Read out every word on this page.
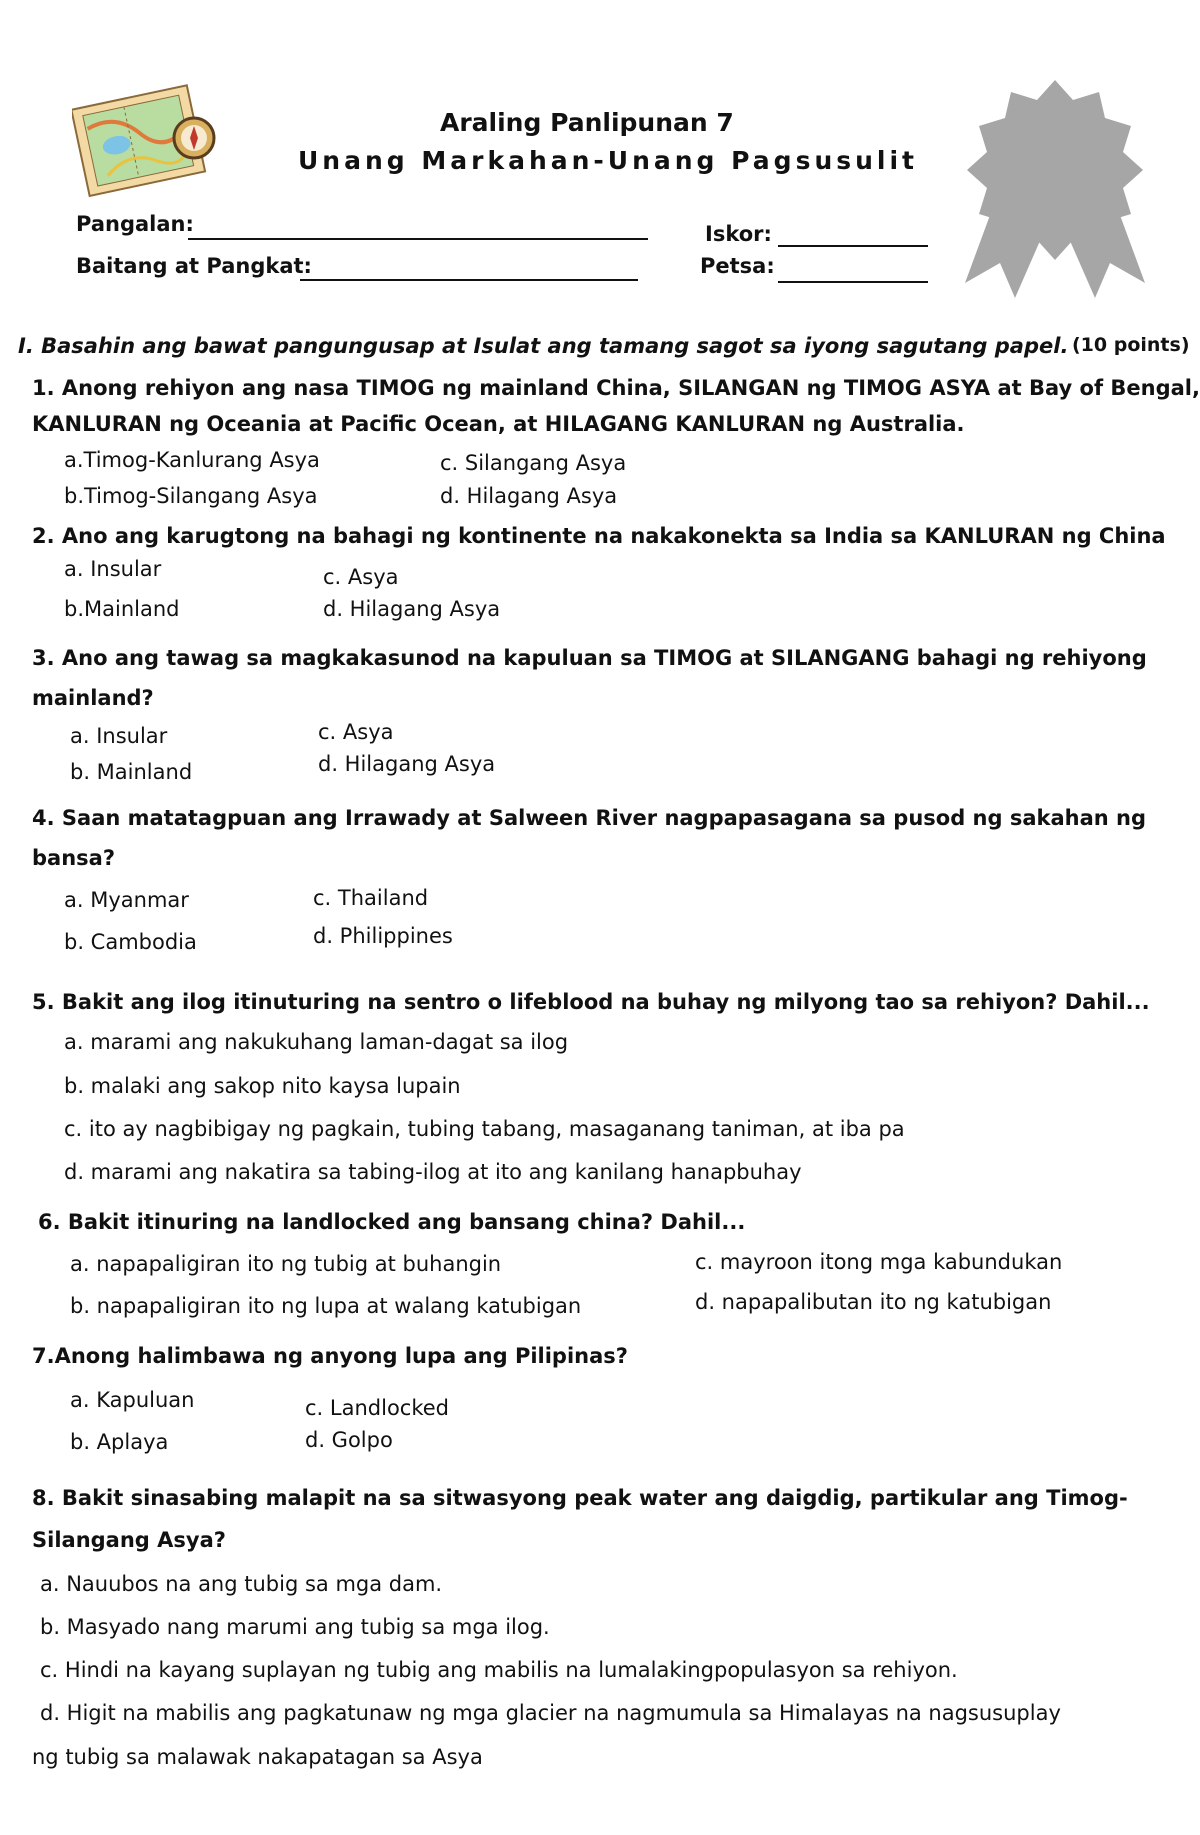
Araling Panlipunan 7
Unang Markahan-Unang Pagsusulit
Pangalan:
Baitang at Pangkat:
Iskor:
Petsa:
I. Basahin ang bawat pangungusap at Isulat ang tamang sagot sa iyong sagutang papel. (10 points)
1. Anong rehiyon ang nasa TIMOG ng mainland China, SILANGAN ng TIMOG ASYA at Bay of Bengal,
KANLURAN ng Oceania at Pacific Ocean, at HILAGANG KANLURAN ng Australia.
a.Timog-Kanlurang Asya
b.Timog-Silangang Asya
c. Silangang Asya
d. Hilagang Asya
2. Ano ang karugtong na bahagi ng kontinente na nakakonekta sa India sa KANLURAN ng China
a. Insular
b.Mainland
c. Asya
d. Hilagang Asya
3. Ano ang tawag sa magkakasunod na kapuluan sa TIMOG at SILANGANG bahagi ng rehiyong
mainland?
a. Insular
b. Mainland
c. Asya
d. Hilagang Asya
4. Saan matatagpuan ang Irrawady at Salween River nagpapasagana sa pusod ng sakahan ng
bansa?
a. Myanmar
b. Cambodia
c. Thailand
d. Philippines
5. Bakit ang ilog itinuturing na sentro o lifeblood na buhay ng milyong tao sa rehiyon? Dahil...
a. marami ang nakukuhang laman-dagat sa ilog
b. malaki ang sakop nito kaysa lupain
c. ito ay nagbibigay ng pagkain, tubing tabang, masaganang taniman, at iba pa
d. marami ang nakatira sa tabing-ilog at ito ang kanilang hanapbuhay
6. Bakit itinuring na landlocked ang bansang china? Dahil...
a. napapaligiran ito ng tubig at buhangin
b. napapaligiran ito ng lupa at walang katubigan
c. mayroon itong mga kabundukan
d. napapalibutan ito ng katubigan
7.Anong halimbawa ng anyong lupa ang Pilipinas?
a. Kapuluan
b. Aplaya
c. Landlocked
d. Golpo
8. Bakit sinasabing malapit na sa sitwasyong peak water ang daigdig, partikular ang Timog-
Silangang Asya?
a. Nauubos na ang tubig sa mga dam.
b. Masyado nang marumi ang tubig sa mga ilog.
c. Hindi na kayang suplayan ng tubig ang mabilis na lumalakingpopulasyon sa rehiyon.
d. Higit na mabilis ang pagkatunaw ng mga glacier na nagmumula sa Himalayas na nagsusuplay
ng tubig sa malawak nakapatagan sa Asya
